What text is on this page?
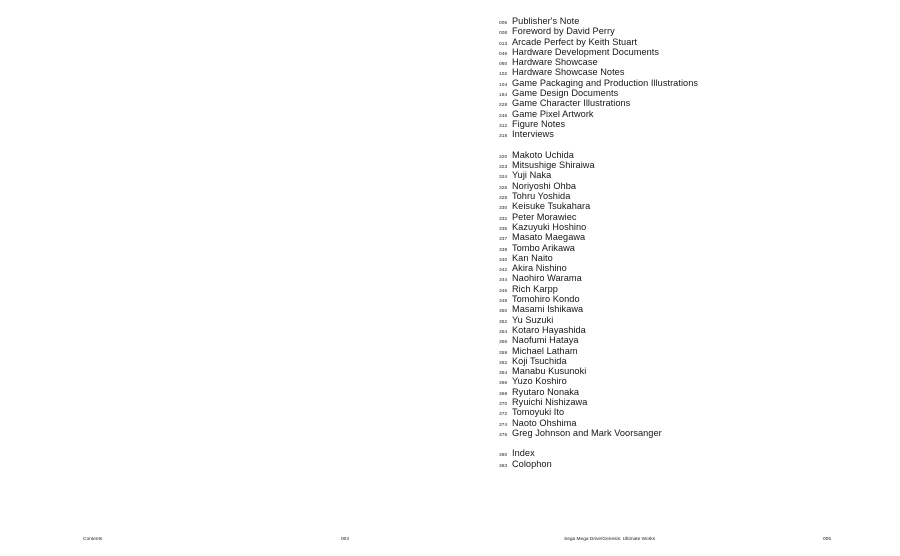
006 Publisher's Note
008 Foreword by David Perry
013 Arcade Perfect by Keith Stuart
046 Hardware Development Documents
060 Hardware Showcase
102 Hardware Showcase Notes
104 Game Packaging and Production Illustrations
184 Game Design Documents
228 Game Character Illustrations
246 Game Pixel Artwork
312 Figure Notes
318 Interviews
320 Makoto Uchida
323 Mitsushige Shiraiwa
324 Yuji Naka
326 Noriyoshi Ohba
328 Tohru Yoshida
330 Keisuke Tsukahara
332 Peter Morawiec
335 Kazuyuki Hoshino
337 Masato Maegawa
338 Tombo Arikawa
340 Kan Naito
342 Akira Nishino
344 Naohiro Warama
346 Rich Karpp
348 Tomohiro Kondo
350 Masami Ishikawa
352 Yu Suzuki
354 Kotaro Hayashida
356 Naofumi Hataya
359 Michael Latham
362 Koji Tsuchida
364 Manabu Kusunoki
366 Yuzo Koshiro
368 Ryutaro Nonaka
370 Ryuichi Nishizawa
372 Tomoyuki Ito
374 Naoto Ohshima
376 Greg Johnson and Mark Voorsanger
380 Index
383 Colophon
Contents	004	Sega Mega Drive/Genesis: Ultimate Works	005
